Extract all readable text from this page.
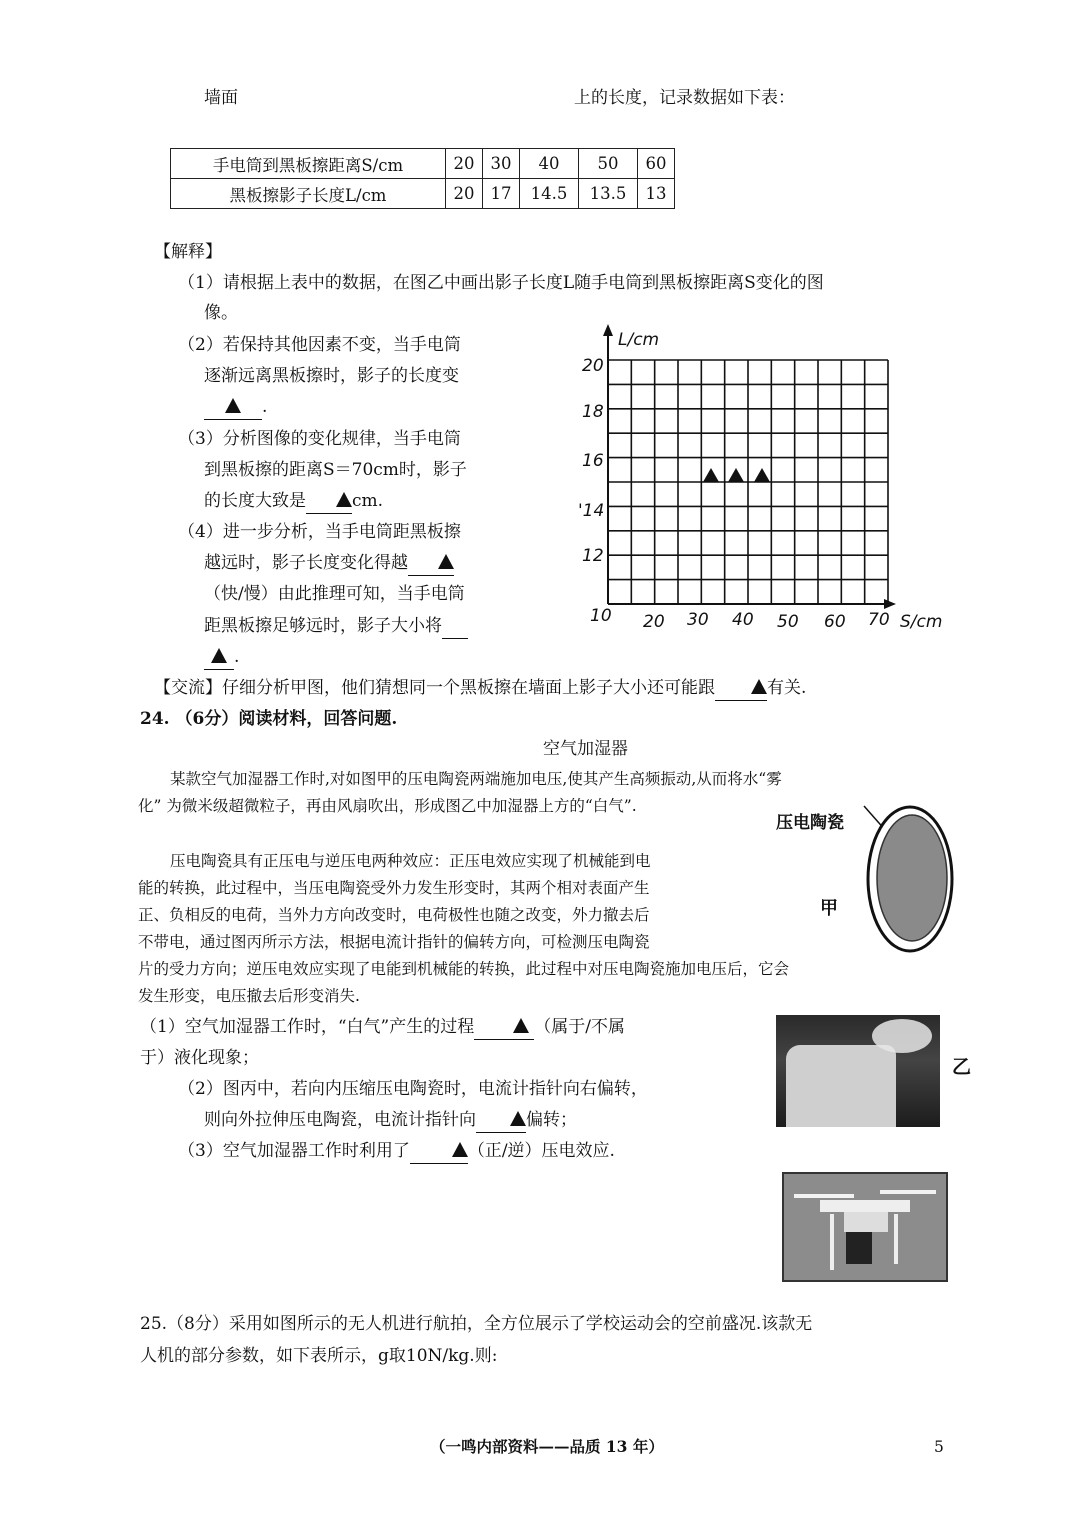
墙面	上的长度，记录数据如下表：
手电筒到黑板擦距离S/cm	20	30	40	50	60
黑板擦影子长度L/cm	20	17	14.5	13.5	13
【解释】
（1）请根据上表中的数据，在图乙中画出影子长度L随手电筒到黑板擦距离S变化的图
像。
（2）若保持其他因素不变，当手电筒
逐渐远离黑板擦时，影子的长度变
.
（3）分析图像的变化规律，当手电筒
到黑板擦的距离S＝70cm时，影子
的长度大致是	cm.
（4）进一步分析，当手电筒距黑板擦
越远时，影子长度变化得越
（快/慢）由此推理可知，当手电筒
距黑板擦足够远时，影子大小将
.
【交流】仔细分析甲图，他们猜想同一个黑板擦在墙面上影子大小还可能跟	有关.
L/cm
S/cm
10
12
'14
16
18
20
20 30 40 50 60 70
24. （6分）阅读材料，回答问题.
空气加湿器
某款空气加湿器工作时,对如图甲的压电陶瓷两端施加电压,使其产生高频振动,从而将水“雾
化” 为微米级超微粒子，再由风扇吹出，形成图乙中加湿器上方的“白气”.
压电陶瓷具有正压电与逆压电两种效应：正压电效应实现了机械能到电
能的转换，此过程中，当压电陶瓷受外力发生形变时，其两个相对表面产生
正、负相反的电荷，当外力方向改变时，电荷极性也随之改变，外力撤去后
不带电，通过图丙所示方法，根据电流计指针的偏转方向，可检测压电陶瓷
片的受力方向；逆压电效应实现了电能到机械能的转换，此过程中对压电陶瓷施加电压后，它会
发生形变，电压撤去后形变消失.
压电陶瓷
甲
乙
（1）空气加湿器工作时，“白气”产生的过程	（属于/不属
于）液化现象；
（2）图丙中，若向内压缩压电陶瓷时，电流计指针向右偏转，
则向外拉伸压电陶瓷，电流计指针向	偏转；
（3）空气加湿器工作时利用了	（正/逆）压电效应.
25.（8分）采用如图所示的无人机进行航拍，全方位展示了学校运动会的空前盛况.该款无
人机的部分参数，如下表所示，g取10N/kg.则:
（一鸣内部资料——品质 13 年）	5
